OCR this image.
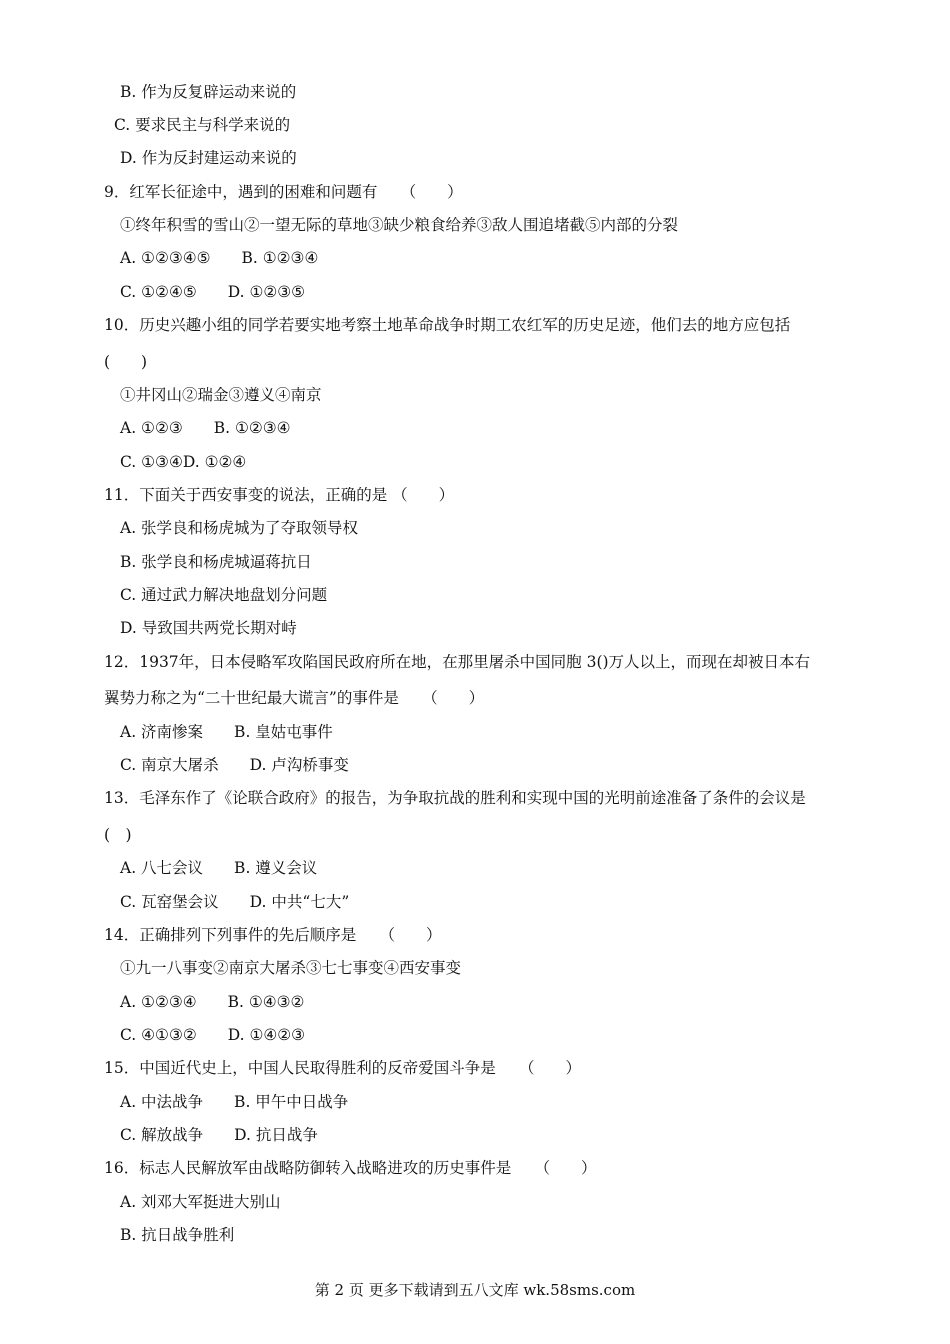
B. 作为反复辟运动来说的
C. 要求民主与科学来说的
D. 作为反封建运动来说的
9．红军长征途中，遇到的困难和问题有　　（　　）
①终年积雪的雪山②一望无际的草地③缺少粮食给养③敌人围追堵截⑤内部的分裂
A. ①②③④⑤　　B. ①②③④
C. ①②④⑤　　D. ①②③⑤
10．历史兴趣小组的同学若要实地考察土地革命战争时期工农红军的历史足迹，他们去的地方应包括
(　　)
①井冈山②瑞金③遵义④南京
A. ①②③　　B. ①②③④
C. ①③④D. ①②④
11．下面关于西安事变的说法，正确的是 （　　）
A. 张学良和杨虎城为了夺取领导权
B. 张学良和杨虎城逼蒋抗日
C. 通过武力解决地盘划分问题
D. 导致国共两党长期对峙
12．1937年，日本侵略军攻陷国民政府所在地，在那里屠杀中国同胞 3()万人以上，而现在却被日本右
翼势力称之为“二十世纪最大谎言”的事件是　　（　　）
A. 济南惨案　　B. 皇姑屯事件
C. 南京大屠杀　　D. 卢沟桥事变
13．毛泽东作了《论联合政府》的报告，为争取抗战的胜利和实现中国的光明前途准备了条件的会议是
(　)
A. 八七会议　　B. 遵义会议
C. 瓦窑堡会议　　D. 中共“七大”
14．正确排列下列事件的先后顺序是　　（　　）
①九一八事变②南京大屠杀③七七事变④西安事变
A. ①②③④　　B. ①④③②
C. ④①③②　　D. ①④②③
15．中国近代史上，中国人民取得胜利的反帝爱国斗争是　　（　　）
A. 中法战争　　B. 甲午中日战争
C. 解放战争　　D. 抗日战争
16．标志人民解放军由战略防御转入战略进攻的历史事件是　　（　　）
A. 刘邓大军挺进大别山
B. 抗日战争胜利
第 2 页 更多下载请到五八文库 wk.58sms.com
